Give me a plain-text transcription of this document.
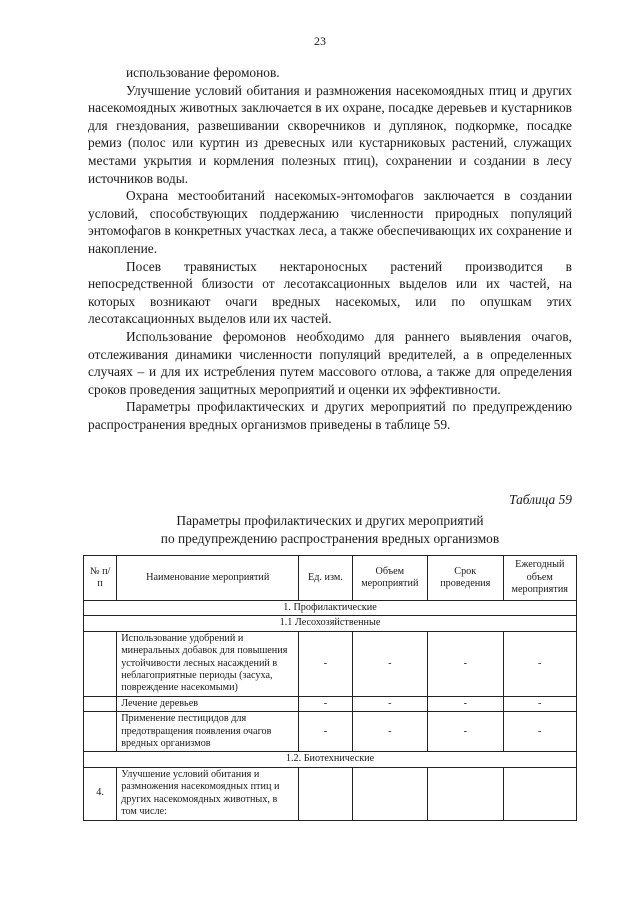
23

использование феромонов.

Улучшение условий обитания и размножения насекомоядных птиц и других насекомоядных животных заключается в их охране, посадке деревьев и кустарников для гнездования, развешивании скворечников и дуплянок, подкормке, посадке ремиз (полос или куртин из древесных или кустарниковых растений, служащих местами укрытия и кормления полезных птиц), сохранении и создании в лесу источников воды.

Охрана местообитаний насекомых-энтомофагов заключается в создании условий, способствующих поддержанию численности природных популяций энтомофагов в конкретных участках леса, а также обеспечивающих их сохранение и накопление.

Посев травянистых нектароносных растений производится в непосредственной близости от лесотаксационных выделов или их частей, на которых возникают очаги вредных насекомых, или по опушкам этих лесотаксационных выделов или их частей.

Использование феромонов необходимо для раннего выявления очагов, отслеживания динамики численности популяций вредителей, а в определенных случаях – и для их истребления путем массового отлова, а также для определения сроков проведения защитных мероприятий и оценки их эффективности.

Параметры профилактических и других мероприятий по предупреждению распространения вредных организмов приведены в таблице 59.

Таблица 59
Параметры профилактических и других мероприятий
по предупреждению распространения вредных организмов
№ п/п	Наименование мероприятий	Ед. изм.	Объем мероприятий	Срок проведения	Ежегодный объем мероприятия
1. Профилактические					
1.1 Лесохозяйственные					
	Использование удобрений и минеральных добавок для повышения устойчивости лесных насаждений в неблагоприятные периоды (засуха, повреждение насекомыми)	-	-	-	-
	Лечение деревьев	-	-	-	-
	Применение пестицидов для предотвращения появления очагов вредных организмов	-	-	-	-
1.2. Биотехнические					
4.	Улучшение условий обитания и размножения насекомоядных птиц и других насекомоядных животных, в том числе:				
